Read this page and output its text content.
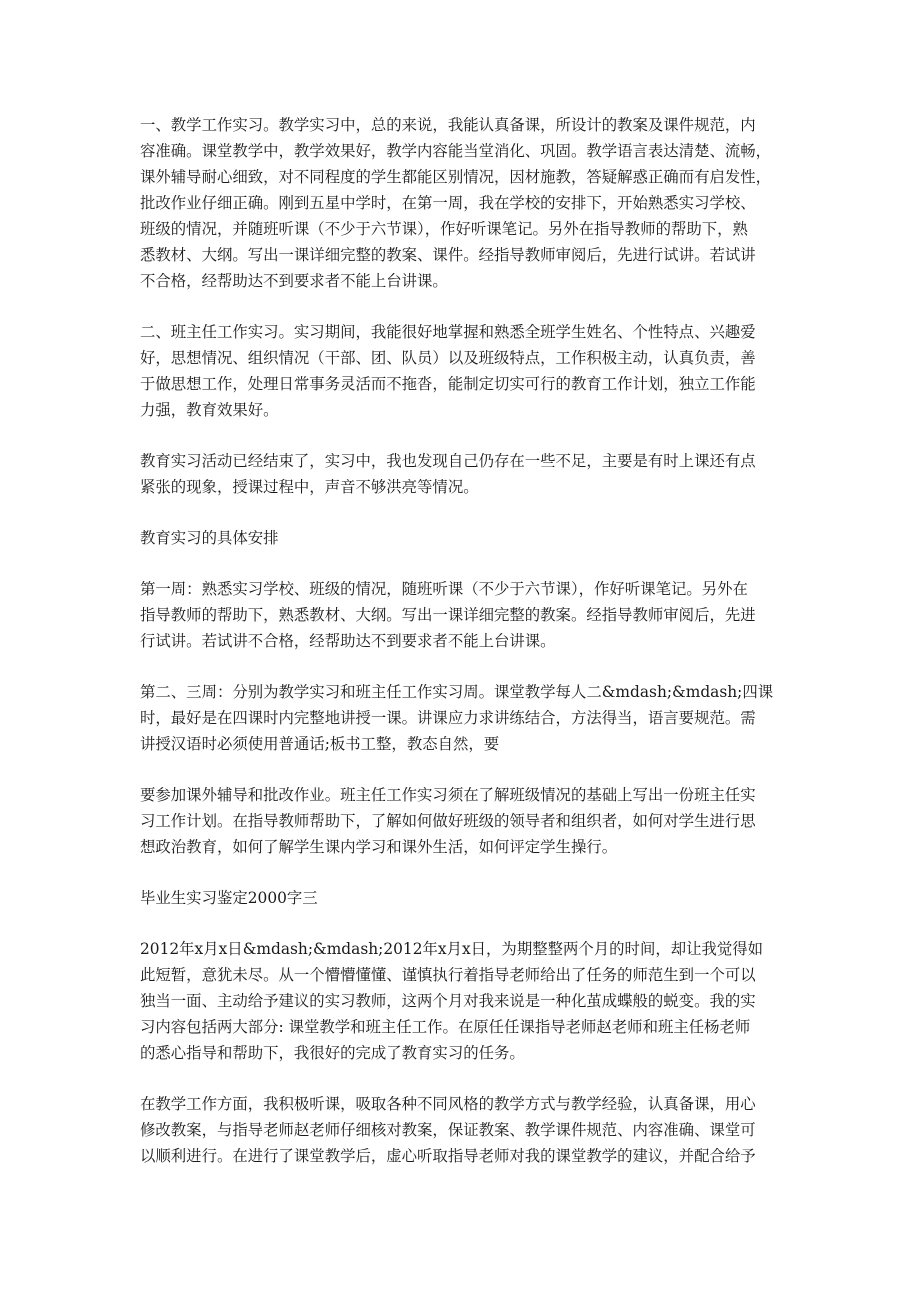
一、教学工作实习。教学实习中，总的来说，我能认真备课，所设计的教案及课件规范，内
容准确。课堂教学中，教学效果好，教学内容能当堂消化、巩固。教学语言表达清楚、流畅，
课外辅导耐心细致，对不同程度的学生都能区别情况，因材施教，答疑解惑正确而有启发性，
批改作业仔细正确。刚到五星中学时，在第一周，我在学校的安排下，开始熟悉实习学校、
班级的情况，并随班听课（不少于六节课），作好听课笔记。另外在指导教师的帮助下，熟
悉教材、大纲。写出一课详细完整的教案、课件。经指导教师审阅后，先进行试讲。若试讲
不合格，经帮助达不到要求者不能上台讲课。
二、班主任工作实习。实习期间，我能很好地掌握和熟悉全班学生姓名、个性特点、兴趣爱
好，思想情况、组织情况（干部、团、队员）以及班级特点，工作积极主动，认真负责，善
于做思想工作，处理日常事务灵活而不拖沓，能制定切实可行的教育工作计划，独立工作能
力强，教育效果好。
教育实习活动已经结束了，实习中，我也发现自己仍存在一些不足，主要是有时上课还有点
紧张的现象，授课过程中，声音不够洪亮等情况。
教育实习的具体安排
第一周：熟悉实习学校、班级的情况，随班听课（不少于六节课），作好听课笔记。另外在
指导教师的帮助下，熟悉教材、大纲。写出一课详细完整的教案。经指导教师审阅后，先进
行试讲。若试讲不合格，经帮助达不到要求者不能上台讲课。
第二、三周：分别为教学实习和班主任工作实习周。课堂教学每人二&mdash;&mdash;四课
时，最好是在四课时内完整地讲授一课。讲课应力求讲练结合，方法得当，语言要规范。需
讲授汉语时必须使用普通话;板书工整，教态自然，要
要参加课外辅导和批改作业。班主任工作实习须在了解班级情况的基础上写出一份班主任实
习工作计划。在指导教师帮助下，了解如何做好班级的领导者和组织者，如何对学生进行思
想政治教育，如何了解学生课内学习和课外生活，如何评定学生操行。
毕业生实习鉴定2000字三
2012年x月x日&mdash;&mdash;2012年x月x日，为期整整两个月的时间，却让我觉得如
此短暂，意犹未尽。从一个懵懵懂懂、谨慎执行着指导老师给出了任务的师范生到一个可以
独当一面、主动给予建议的实习教师，这两个月对我来说是一种化茧成蝶般的蜕变。我的实
习内容包括两大部分: 课堂教学和班主任工作。在原任任课指导老师赵老师和班主任杨老师
的悉心指导和帮助下，我很好的完成了教育实习的任务。
在教学工作方面，我积极听课，吸取各种不同风格的教学方式与教学经验，认真备课，用心
修改教案，与指导老师赵老师仔细核对教案，保证教案、教学课件规范、内容准确、课堂可
以顺利进行。在进行了课堂教学后，虚心听取指导老师对我的课堂教学的建议，并配合给予
